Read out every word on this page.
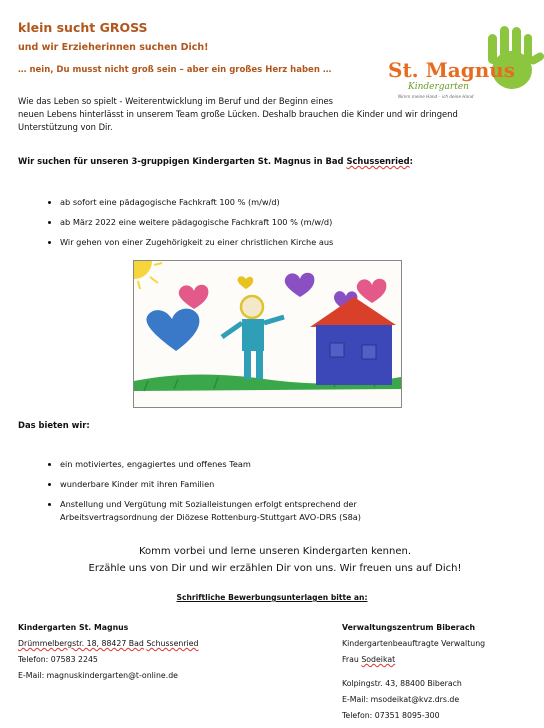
klein sucht GROSS
und wir Erzieherinnen suchen Dich!
… nein, Du musst nicht groß sein – aber ein großes Herz haben …	St. Magnus
Kindergarten
Nimm meine Hand – ich deine Hand
Wie das Leben so spielt - Weiterentwicklung im Beruf und der Beginn eines
neuen Lebens hinterlässt in unserem Team große Lücken. Deshalb brauchen die Kinder und wir dringend
Unterstützung von Dir.
Wir suchen für unseren 3-gruppigen Kindergarten St. Magnus in Bad Schussenried:
• ab sofort eine pädagogische Fachkraft 100 % (m/w/d)
• ab März 2022 eine weitere pädagogische Fachkraft 100 % (m/w/d)
• Wir gehen von einer Zugehörigkeit zu einer christlichen Kirche aus
Das bieten wir:
• ein motiviertes, engagiertes und offenes Team
• wunderbare Kinder mit ihren Familien
• Anstellung und Vergütung mit Sozialleistungen erfolgt entsprechend der
Arbeitsvertragsordnung der Diözese Rottenburg-Stuttgart AVO-DRS (S8a)
Komm vorbei und lerne unseren Kindergarten kennen.
Erzähle uns von Dir und wir erzählen Dir von uns. Wir freuen uns auf Dich!
Schriftliche Bewerbungsunterlagen bitte an:
Kindergarten St. Magnus
Drümmelbergstr. 18, 88427 Bad Schussenried
Telefon: 07583 2245
E-Mail: magnuskindergarten@t-online.de
Verwaltungszentrum Biberach
Kindergartenbeauftragte Verwaltung
Frau Sodeikat
Kolpingstr. 43, 88400 Biberach
E-Mail: msodeikat@kvz.drs.de
Telefon: 07351 8095-300
